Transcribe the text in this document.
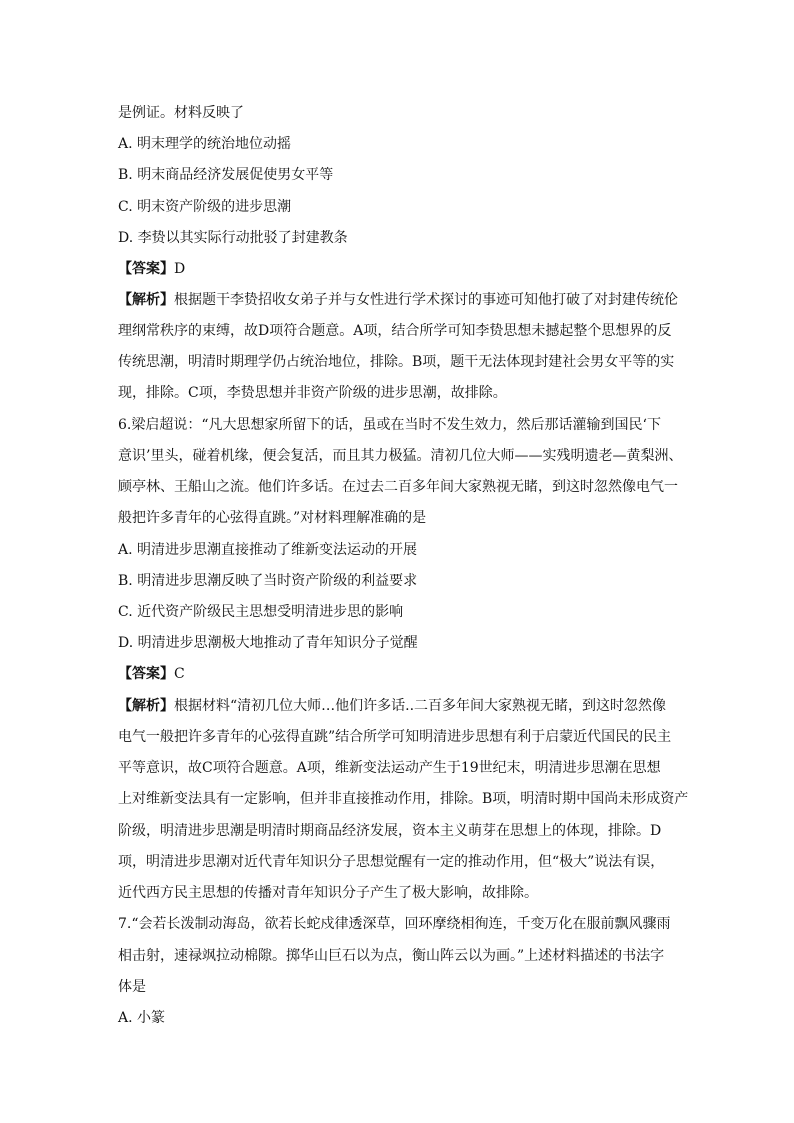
是例证。材料反映了
A. 明末理学的统治地位动摇
B. 明末商品经济发展促使男女平等
C. 明末资产阶级的进步思潮
D. 李贽以其实际行动批驳了封建教条
【答案】D
【解析】根据题干李贽招收女弟子并与女性进行学术探讨的事迹可知他打破了对封建传统伦
理纲常秩序的束缚，故D项符合题意。A项，结合所学可知李贽思想未撼起整个思想界的反
传统思潮，明清时期理学仍占统治地位，排除。B项，题干无法体现封建社会男女平等的实
现，排除。C项，李贽思想并非资产阶级的进步思潮，故排除。
6.梁启超说：“凡大思想家所留下的话，虽或在当时不发生效力，然后那话灌输到国民‘下
意识’里头，碰着机缘，便会复活，而且其力极猛。清初几位大师——实残明遗老—黄梨洲、
顾亭林、王船山之流。他们许多话。在过去二百多年间大家熟视无睹，到这时忽然像电气一
般把许多青年的心弦得直跳。”对材料理解准确的是
A. 明清进步思潮直接推动了维新变法运动的开展
B. 明清进步思潮反映了当时资产阶级的利益要求
C. 近代资产阶级民主思想受明清进步思的影响
D. 明清进步思潮极大地推动了青年知识分子觉醒
【答案】C
【解析】根据材料“清初几位大师…他们许多话..二百多年间大家熟视无睹，到这时忽然像
电气一般把许多青年的心弦得直跳”结合所学可知明清进步思想有利于启蒙近代国民的民主
平等意识，故C项符合题意。A项，维新变法运动产生于19世纪末，明清进步思潮在思想
上对维新变法具有一定影响，但并非直接推动作用，排除。B项，明清时期中国尚未形成资产
阶级，明清进步思潮是明清时期商品经济发展，资本主义萌芽在思想上的体现，排除。D
项，明清进步思潮对近代青年知识分子思想觉醒有一定的推动作用，但“极大”说法有误，
近代西方民主思想的传播对青年知识分子产生了极大影响，故排除。
7.“会若长泼制动海岛，欲若长蛇戍律透深草，回环摩绕相徇连，千变万化在服前飘风骤雨
相击射，速禄飒拉动棉隙。掷华山巨石以为点，衡山阵云以为画。”上述材料描述的书法字
体是
A. 小篆
